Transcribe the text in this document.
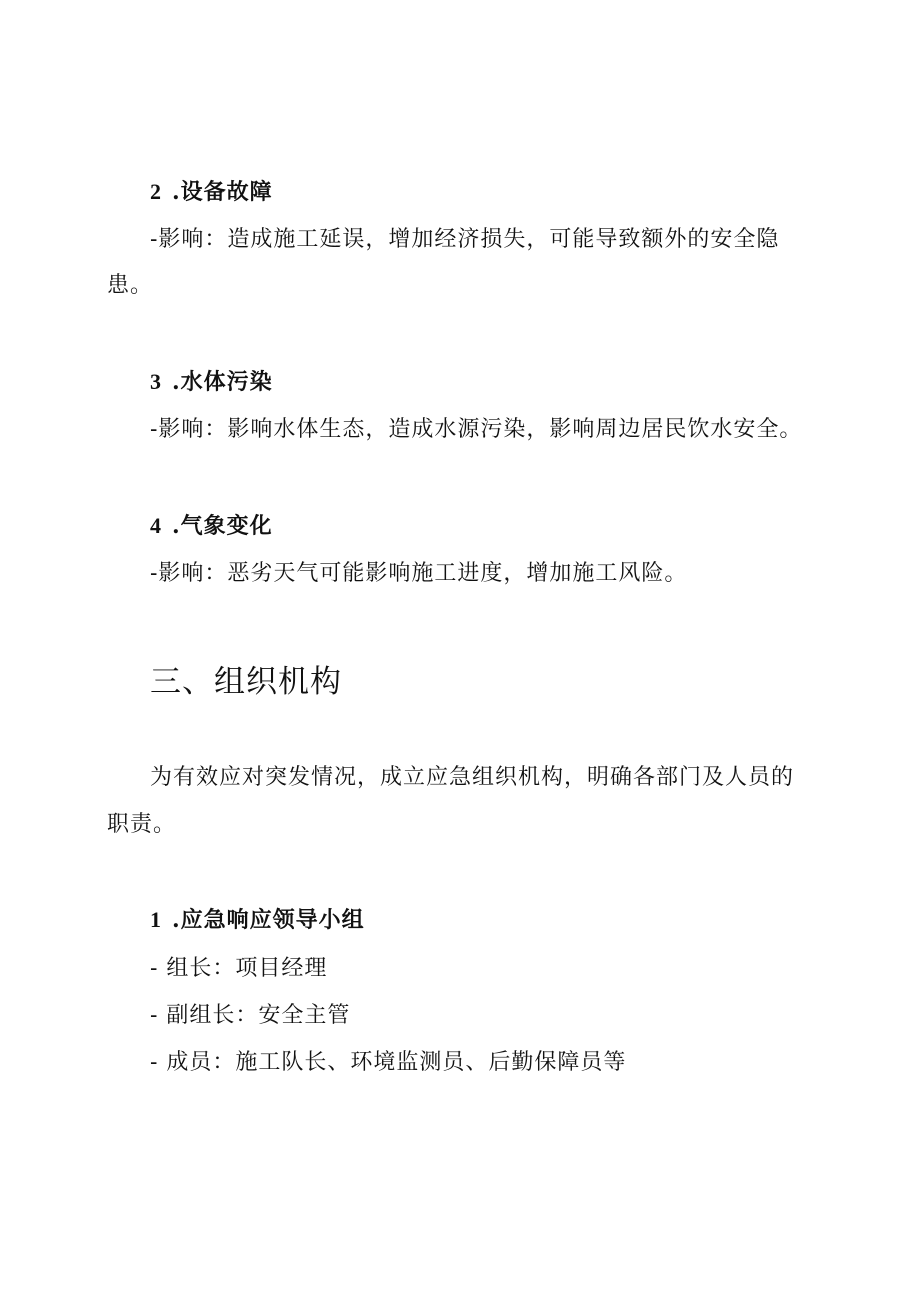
2 .设备故障
-影响：造成施工延误，增加经济损失，可能导致额外的安全隐
患。
3 .水体污染
-影响：影响水体生态，造成水源污染，影响周边居民饮水安全。
4 .气象变化
-影响：恶劣天气可能影响施工进度，增加施工风险。
三、组织机构
为有效应对突发情况，成立应急组织机构，明确各部门及人员的
职责。
1 .应急响应领导小组
- 组长：项目经理
- 副组长：安全主管
- 成员：施工队长、环境监测员、后勤保障员等
